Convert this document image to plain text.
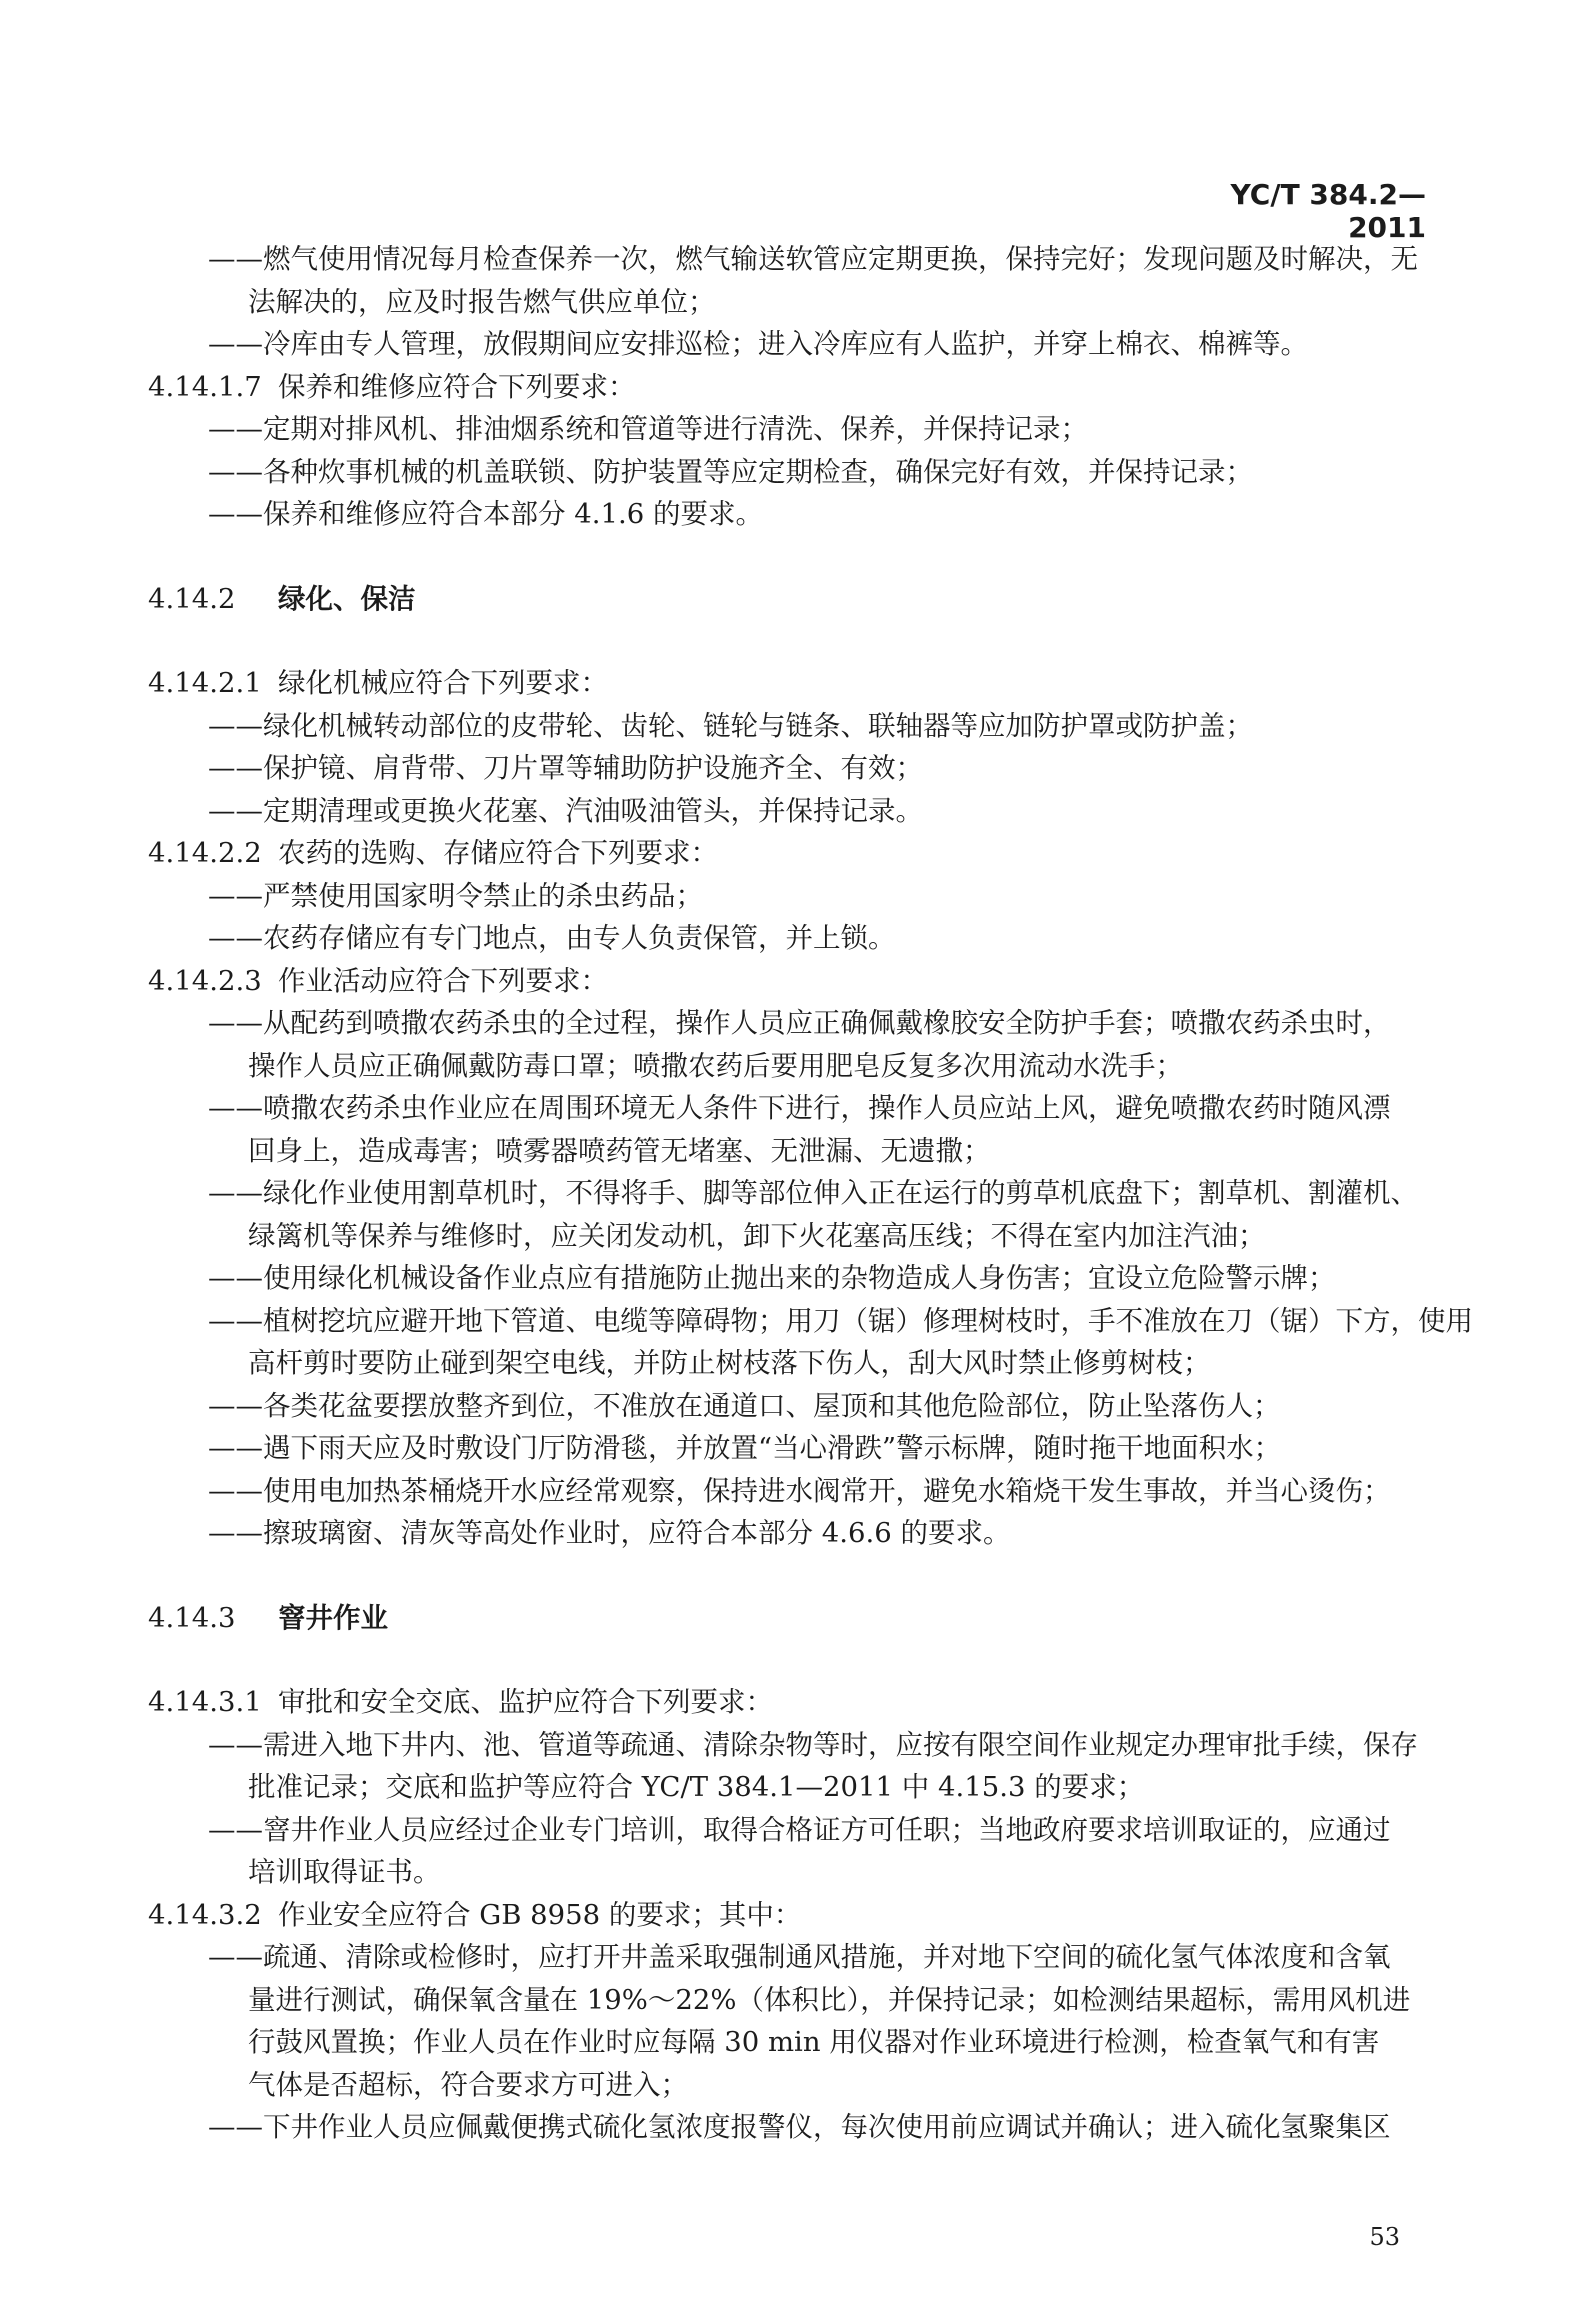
YC/T 384.2—2011
——燃气使用情况每月检查保养一次，燃气输送软管应定期更换，保持完好；发现问题及时解决，无
法解决的，应及时报告燃气供应单位；
——冷库由专人管理，放假期间应安排巡检；进入冷库应有人监护，并穿上棉衣、棉裤等。
4.14.1.7 保养和维修应符合下列要求：
——定期对排风机、排油烟系统和管道等进行清洗、保养，并保持记录；
——各种炊事机械的机盖联锁、防护装置等应定期检查，确保完好有效，并保持记录；
——保养和维修应符合本部分 4.1.6 的要求。
4.14.2 绿化、保洁
4.14.2.1 绿化机械应符合下列要求：
——绿化机械转动部位的皮带轮、齿轮、链轮与链条、联轴器等应加防护罩或防护盖；
——保护镜、肩背带、刀片罩等辅助防护设施齐全、有效；
——定期清理或更换火花塞、汽油吸油管头，并保持记录。
4.14.2.2 农药的选购、存储应符合下列要求：
——严禁使用国家明令禁止的杀虫药品；
——农药存储应有专门地点，由专人负责保管，并上锁。
4.14.2.3 作业活动应符合下列要求：
——从配药到喷撒农药杀虫的全过程，操作人员应正确佩戴橡胶安全防护手套；喷撒农药杀虫时，
操作人员应正确佩戴防毒口罩；喷撒农药后要用肥皂反复多次用流动水洗手；
——喷撒农药杀虫作业应在周围环境无人条件下进行，操作人员应站上风，避免喷撒农药时随风漂
回身上，造成毒害；喷雾器喷药管无堵塞、无泄漏、无遗撒；
——绿化作业使用割草机时，不得将手、脚等部位伸入正在运行的剪草机底盘下；割草机、割灌机、
绿篱机等保养与维修时，应关闭发动机，卸下火花塞高压线；不得在室内加注汽油；
——使用绿化机械设备作业点应有措施防止抛出来的杂物造成人身伤害；宜设立危险警示牌；
——植树挖坑应避开地下管道、电缆等障碍物；用刀（锯）修理树枝时，手不准放在刀（锯）下方，使用
高杆剪时要防止碰到架空电线，并防止树枝落下伤人，刮大风时禁止修剪树枝；
——各类花盆要摆放整齐到位，不准放在通道口、屋顶和其他危险部位，防止坠落伤人；
——遇下雨天应及时敷设门厅防滑毯，并放置“当心滑跌”警示标牌，随时拖干地面积水；
——使用电加热茶桶烧开水应经常观察，保持进水阀常开，避免水箱烧干发生事故，并当心烫伤；
——擦玻璃窗、清灰等高处作业时，应符合本部分 4.6.6 的要求。
4.14.3 窨井作业
4.14.3.1 审批和安全交底、监护应符合下列要求：
——需进入地下井内、池、管道等疏通、清除杂物等时，应按有限空间作业规定办理审批手续，保存
批准记录；交底和监护等应符合 YC/T 384.1—2011 中 4.15.3 的要求；
——窨井作业人员应经过企业专门培训，取得合格证方可任职；当地政府要求培训取证的，应通过
培训取得证书。
4.14.3.2 作业安全应符合 GB 8958 的要求；其中：
——疏通、清除或检修时，应打开井盖采取强制通风措施，并对地下空间的硫化氢气体浓度和含氧
量进行测试，确保氧含量在 19%～22%（体积比），并保持记录；如检测结果超标，需用风机进
行鼓风置换；作业人员在作业时应每隔 30 min 用仪器对作业环境进行检测，检查氧气和有害
气体是否超标，符合要求方可进入；
——下井作业人员应佩戴便携式硫化氢浓度报警仪，每次使用前应调试并确认；进入硫化氢聚集区
53
